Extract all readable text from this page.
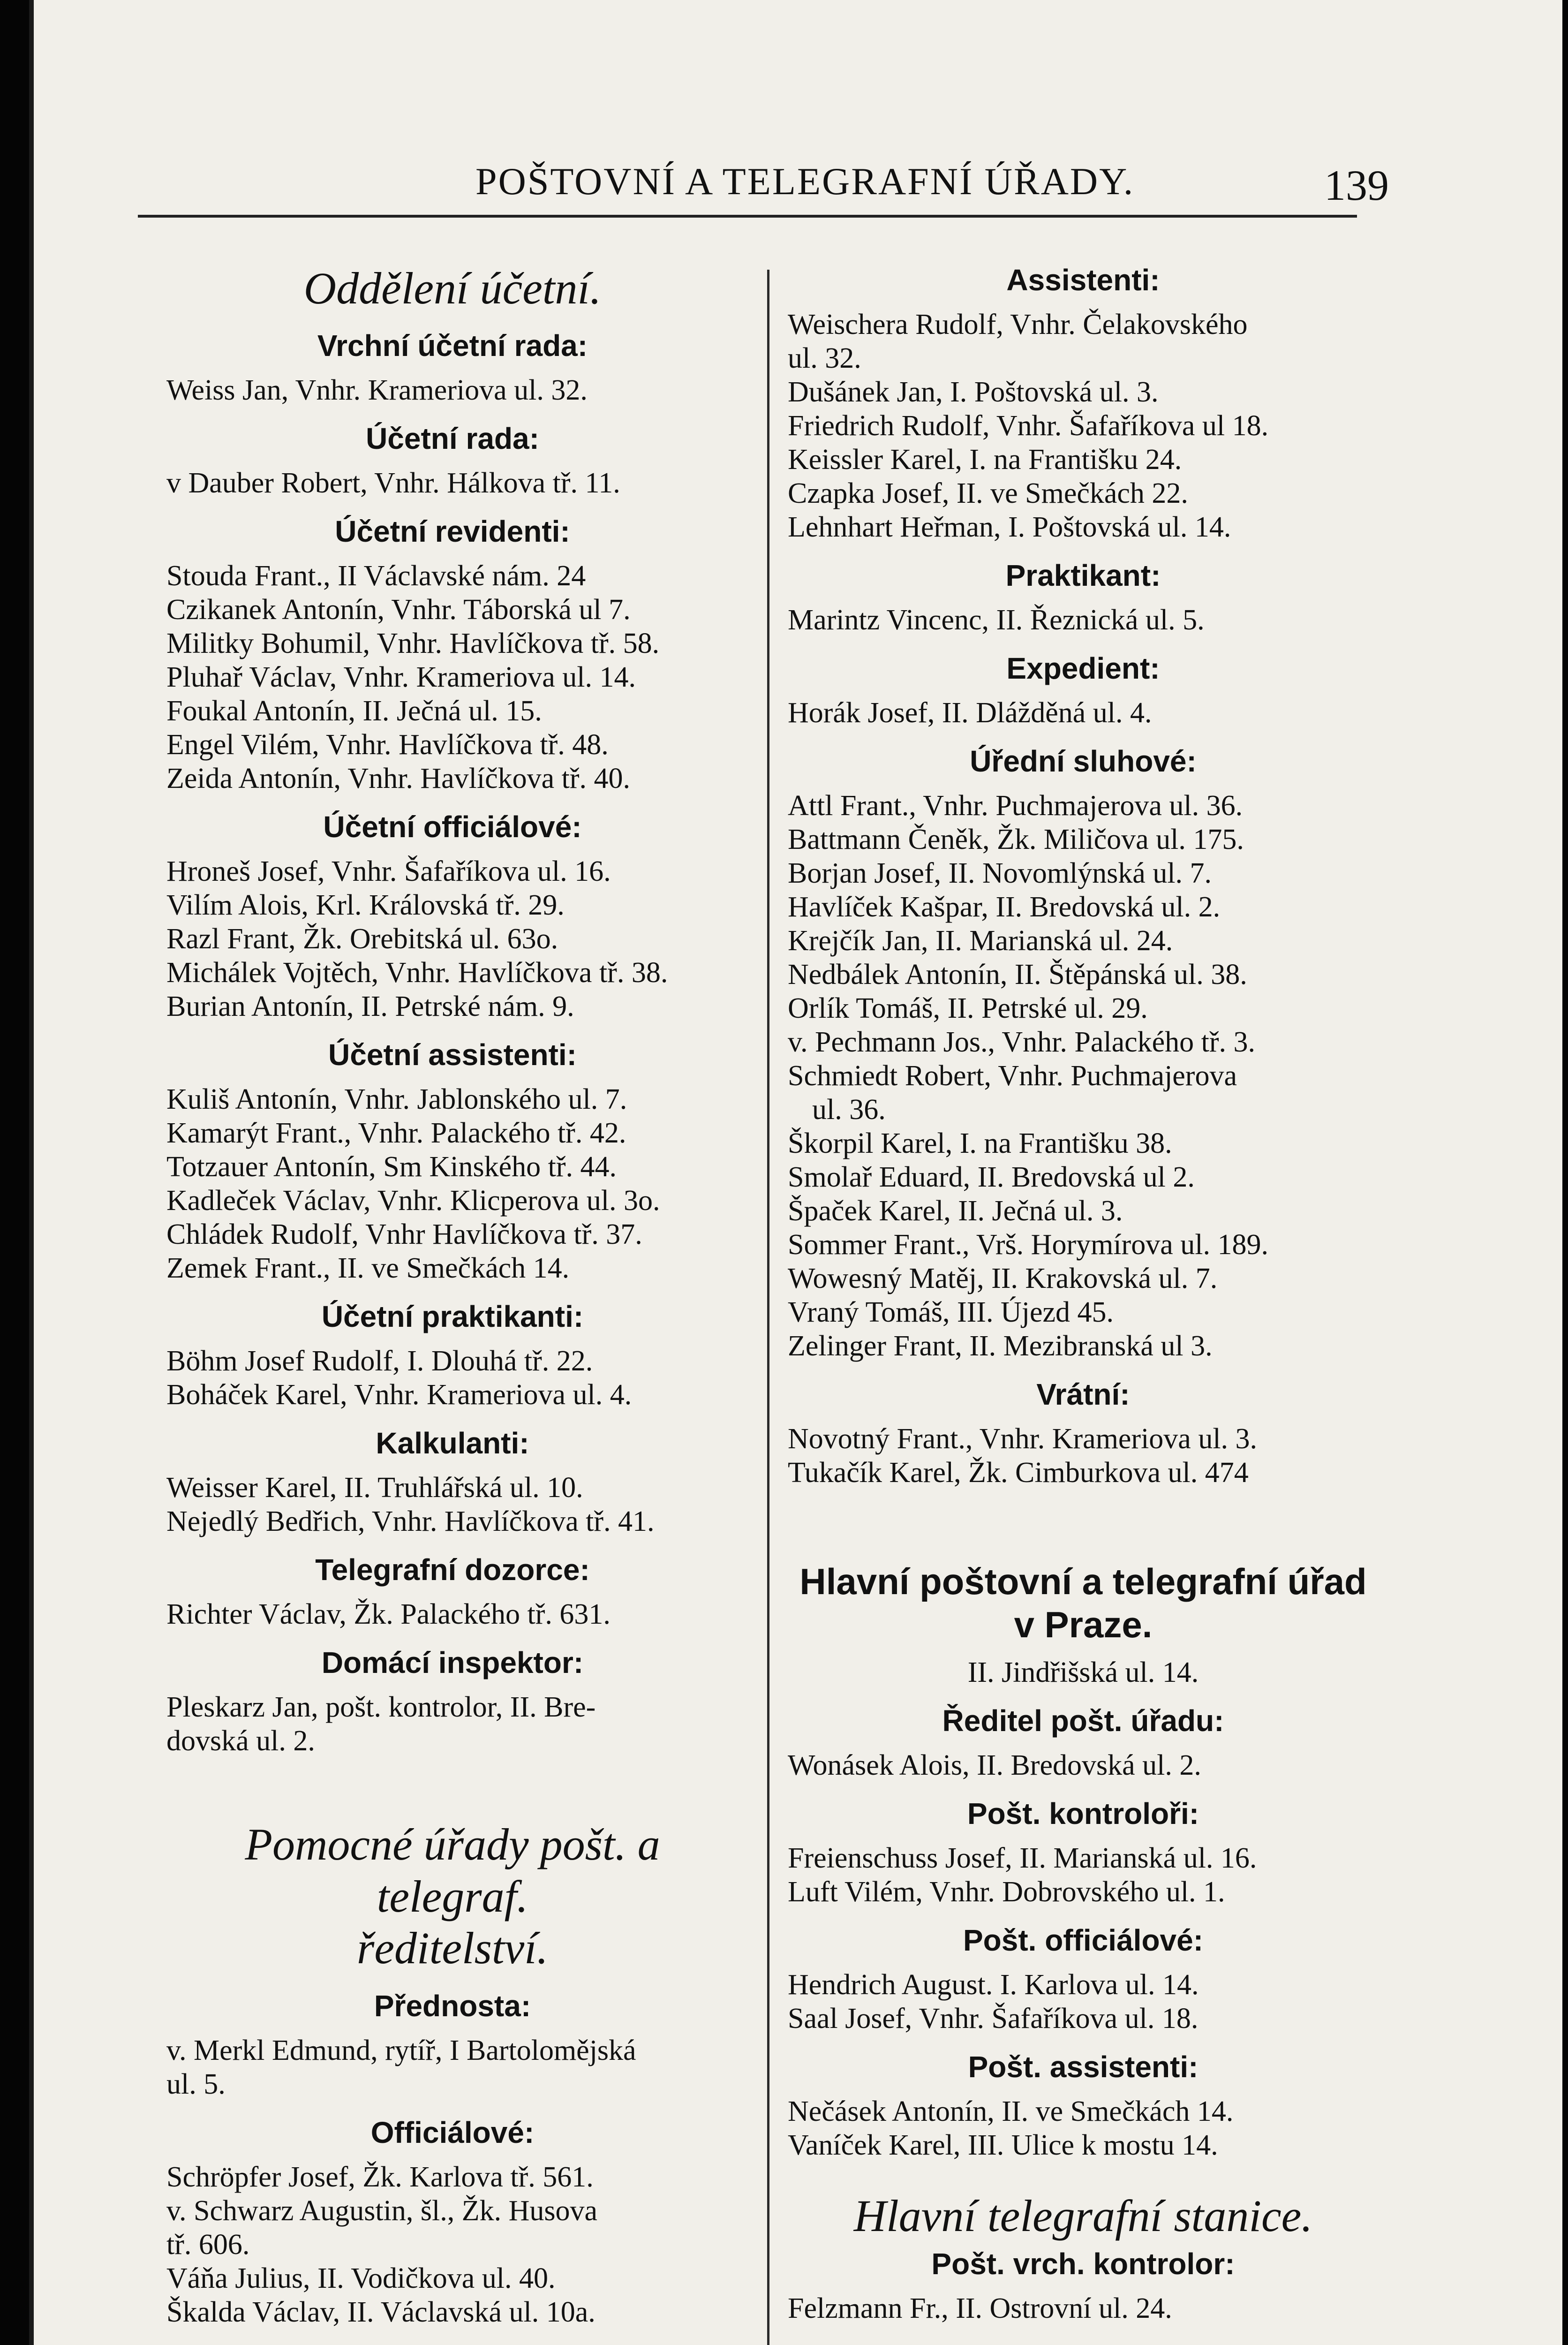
POŠTOVNÍ A TELEGRAFNÍ ÚŘADY.	139
Oddělení účetní.
Vrchní účetní rada:
Weiss Jan, Vnhr. Krameriova ul. 32.
Účetní rada:
v Dauber Robert, Vnhr. Hálkova tř. 11.
Účetní revidenti:
Stouda Frant., II Václavské nám. 24
Czikanek Antonín, Vnhr. Táborská ul 7.
Militky Bohumil, Vnhr. Havlíčkova tř. 58.
Pluhař Václav, Vnhr. Krameriova ul. 14.
Foukal Antonín, II. Ječná ul. 15.
Engel Vilém, Vnhr. Havlíčkova tř. 48.
Zeida Antonín, Vnhr. Havlíčkova tř. 40.
Účetní officiálové:
Hroneš Josef, Vnhr. Šafaříkova ul. 16.
Vilím Alois, Krl. Královská tř. 29.
Razl Frant, Žk. Orebitská ul. 63o.
Michálek Vojtěch, Vnhr. Havlíčkova tř. 38.
Burian Antonín, II. Petrské nám. 9.
Účetní assistenti:
Kuliš Antonín, Vnhr. Jablonského ul. 7.
Kamarýt Frant., Vnhr. Palackého tř. 42.
Totzauer Antonín, Sm Kinského tř. 44.
Kadleček Václav, Vnhr. Klicperova ul. 3o.
Chládek Rudolf, Vnhr Havlíčkova tř. 37.
Zemek Frant., II. ve Smečkách 14.
Účetní praktikanti:
Böhm Josef Rudolf, I. Dlouhá tř. 22.
Boháček Karel, Vnhr. Krameriova ul. 4.
Kalkulanti:
Weisser Karel, II. Truhlářská ul. 10.
Nejedlý Bedřich, Vnhr. Havlíčkova tř. 41.
Telegrafní dozorce:
Richter Václav, Žk. Palackého tř. 631.
Domácí inspektor:
Pleskarz Jan, pošt. kontrolor, II. Bre-
dovská ul. 2.
Pomocné úřady pošt. a telegraf.
ředitelství.
Přednosta:
v. Merkl Edmund, rytíř, I Bartolomějská
ul. 5.
Officiálové:
Schröpfer Josef, Žk. Karlova tř. 561.
v. Schwarz Augustin, šl., Žk. Husova
tř. 606.
Váňa Julius, II. Vodičkova ul. 40.
Škalda Václav, II. Václavská ul. 10a.
Assistenti:
Weischera Rudolf, Vnhr. Čelakovského
ul. 32.
Dušánek Jan, I. Poštovská ul. 3.
Friedrich Rudolf, Vnhr. Šafaříkova ul 18.
Keissler Karel, I. na Františku 24.
Czapka Josef, II. ve Smečkách 22.
Lehnhart Heřman, I. Poštovská ul. 14.
Praktikant:
Marintz Vincenc, II. Řeznická ul. 5.
Expedient:
Horák Josef, II. Dlážděná ul. 4.
Úřední sluhové:
Attl Frant., Vnhr. Puchmajerova ul. 36.
Battmann Čeněk, Žk. Miličova ul. 175.
Borjan Josef, II. Novomlýnská ul. 7.
Havlíček Kašpar, II. Bredovská ul. 2.
Krejčík Jan, II. Marianská ul. 24.
Nedbálek Antonín, II. Štěpánská ul. 38.
Orlík Tomáš, II. Petrské ul. 29.
v. Pechmann Jos., Vnhr. Palackého tř. 3.
Schmiedt Robert, Vnhr. Puchmajerova
ul. 36.
Škorpil Karel, I. na Františku 38.
Smolař Eduard, II. Bredovská ul 2.
Špaček Karel, II. Ječná ul. 3.
Sommer Frant., Vrš. Horymírova ul. 189.
Wowesný Matěj, II. Krakovská ul. 7.
Vraný Tomáš, III. Újezd 45.
Zelinger Frant, II. Mezibranská ul 3.
Vrátní:
Novotný Frant., Vnhr. Krameriova ul. 3.
Tukačík Karel, Žk. Cimburkova ul. 474
Hlavní poštovní a telegrafní úřad
v Praze.
II. Jindřišská ul. 14.
Ředitel pošt. úřadu:
Wonásek Alois, II. Bredovská ul. 2.
Pošt. kontroloři:
Freienschuss Josef, II. Marianská ul. 16.
Luft Vilém, Vnhr. Dobrovského ul. 1.
Pošt. officiálové:
Hendrich August. I. Karlova ul. 14.
Saal Josef, Vnhr. Šafaříkova ul. 18.
Pošt. assistenti:
Nečásek Antonín, II. ve Smečkách 14.
Vaníček Karel, III. Ulice k mostu 14.
Hlavní telegrafní stanice.
Pošt. vrch. kontrolor:
Felzmann Fr., II. Ostrovní ul. 24.
